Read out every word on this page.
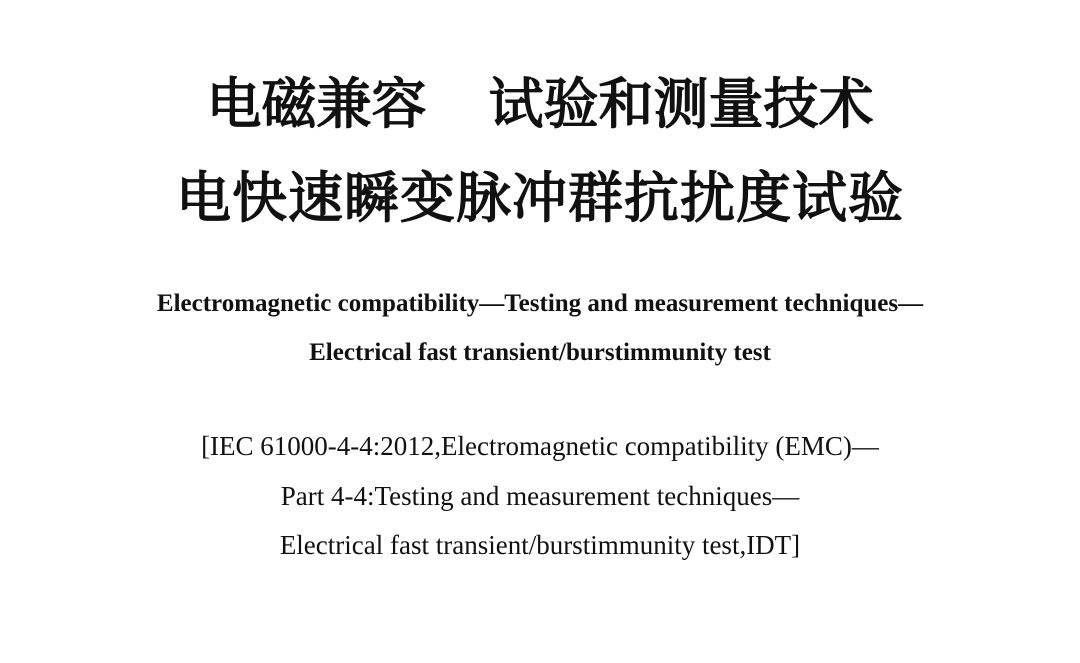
电磁兼容 试验和测量技术
电快速瞬变脉冲群抗扰度试验
Electromagnetic compatibility—Testing and measurement techniques—
Electrical fast transient/burstimmunity test
[IEC 61000-4-4:2012,Electromagnetic compatibility (EMC)—
Part 4-4:Testing and measurement techniques—
Electrical fast transient/burstimmunity test,IDT]
